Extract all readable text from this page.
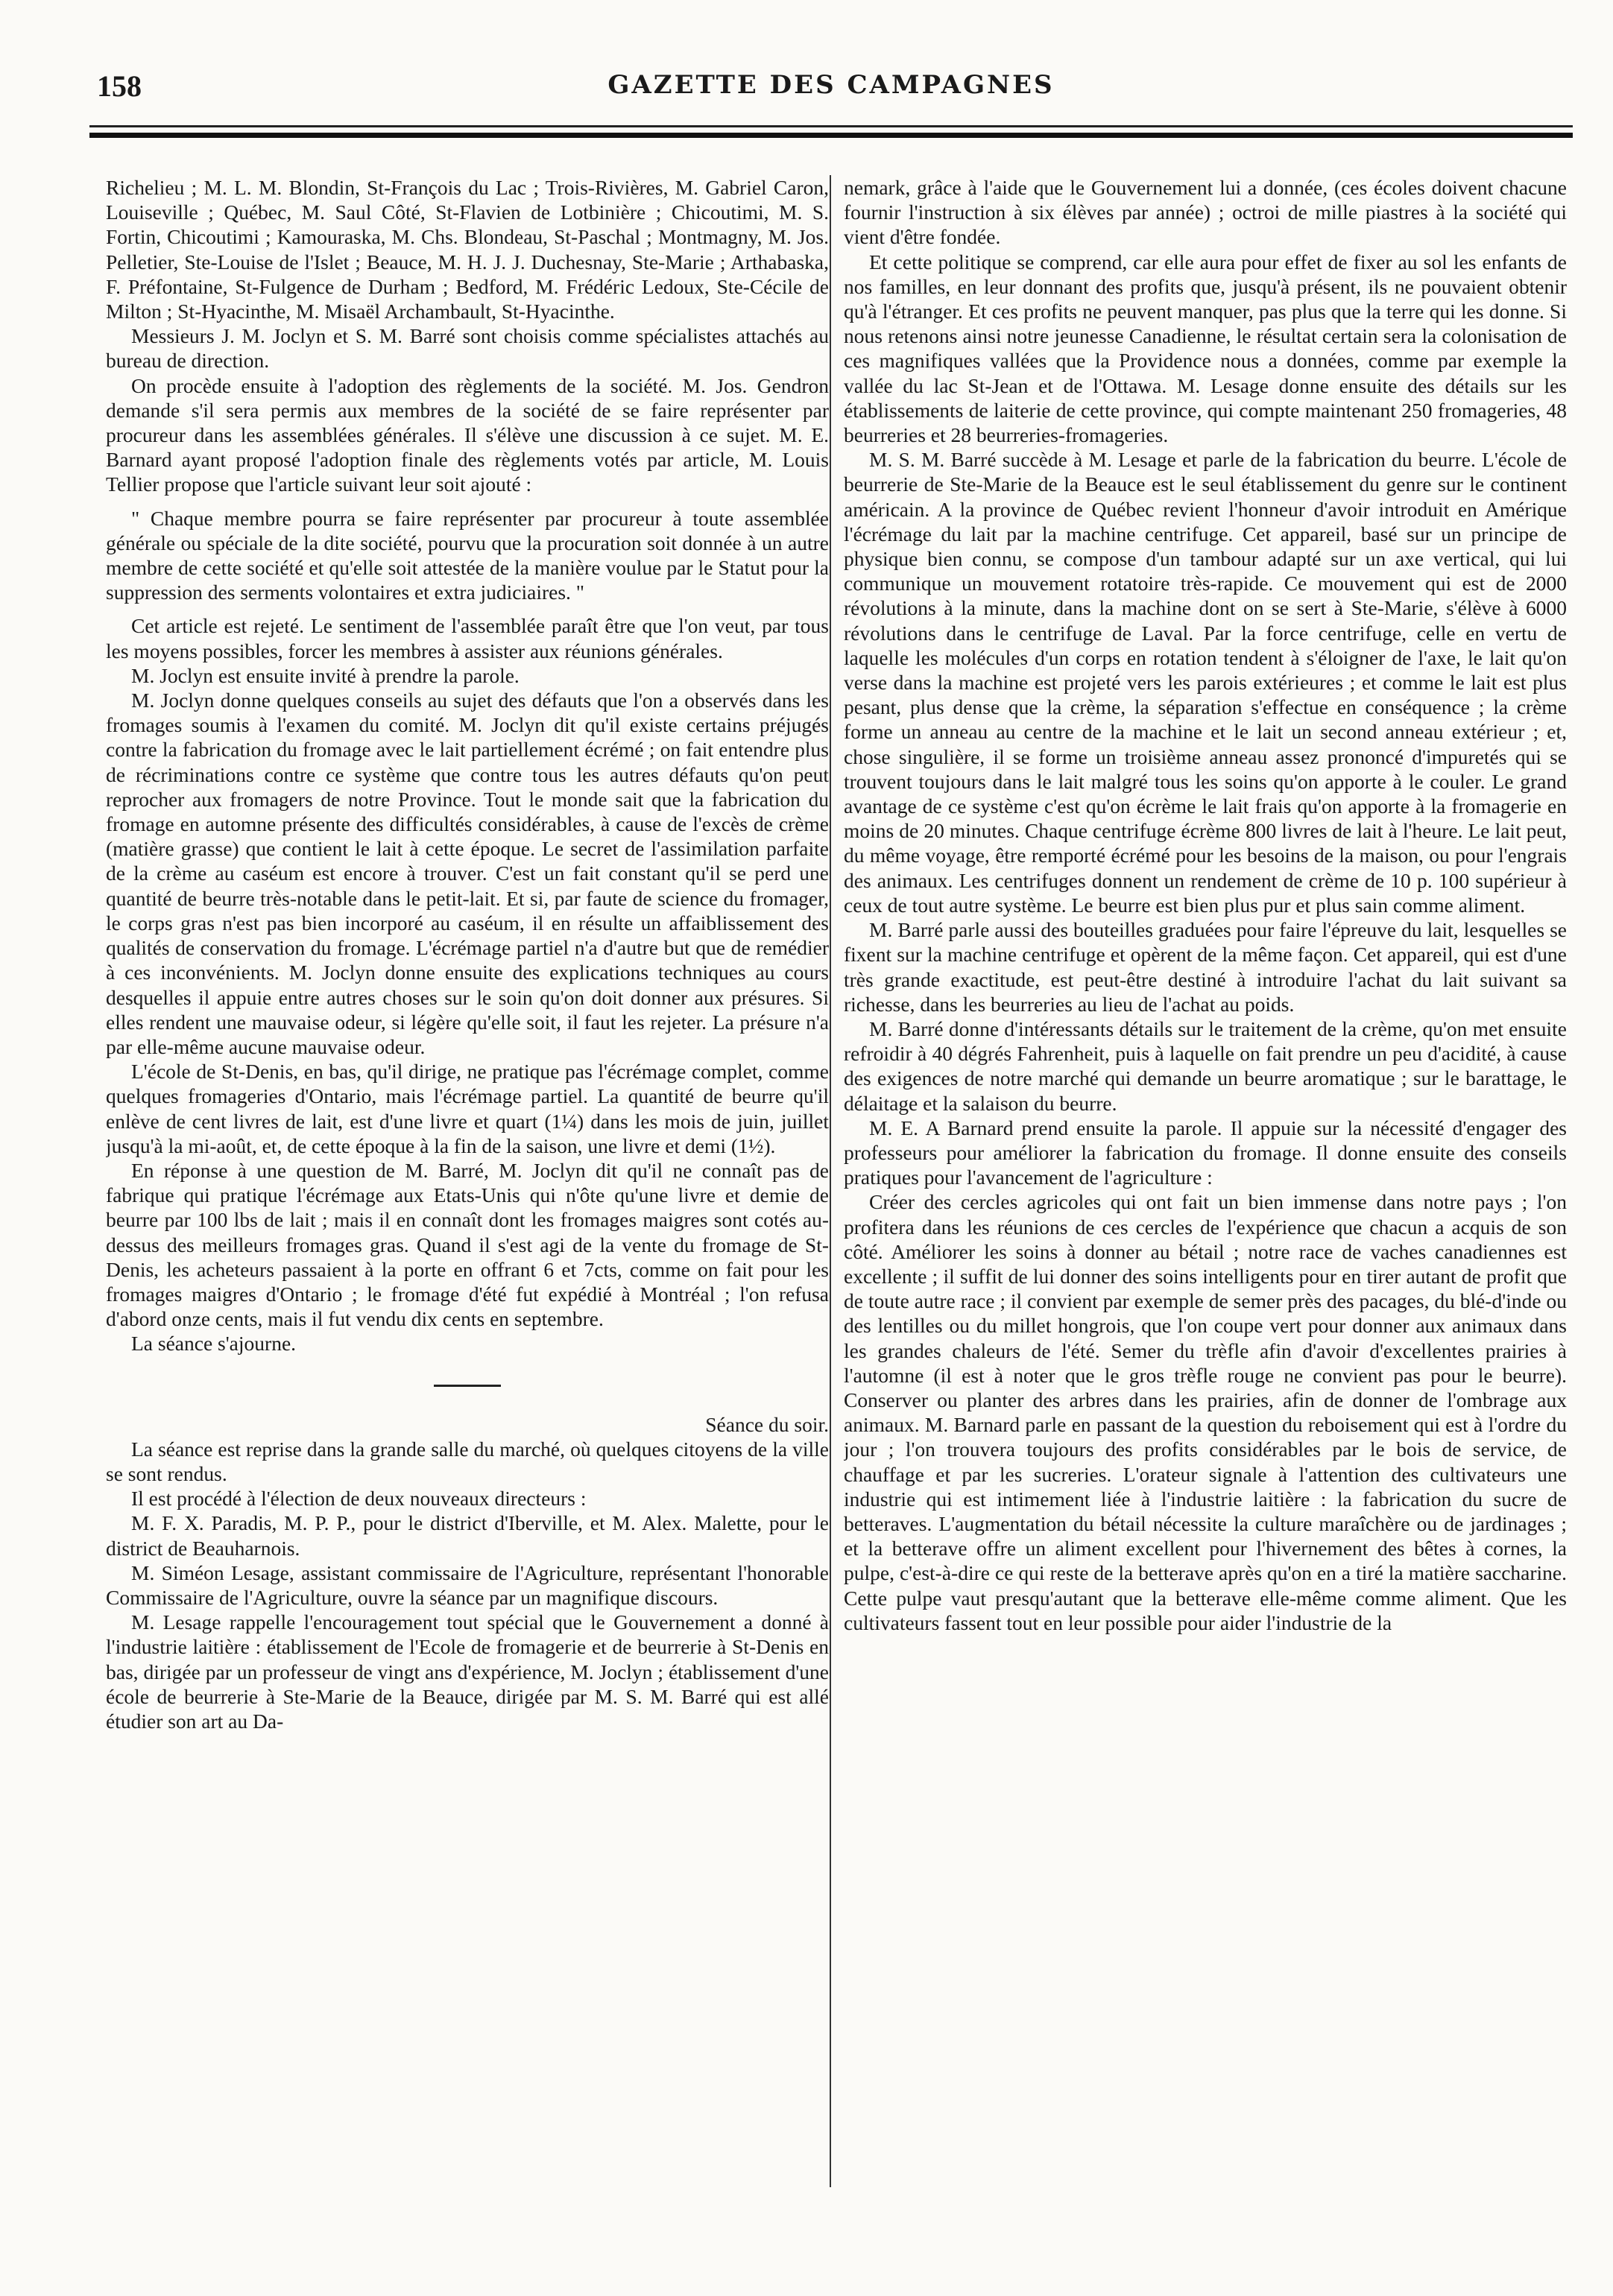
158	GAZETTE DES CAMPAGNES

Richelieu ; M. L. M. Blondin, St-François du Lac ; Trois-Rivières, M. Gabriel Caron, Louiseville ; Québec, M. Saul Côté, St-Flavien de Lotbinière ; Chicoutimi, M. S. Fortin, Chicoutimi ; Kamouraska, M. Chs. Blondeau, St-Paschal ; Montmagny, M. Jos. Pelletier, Ste-Louise de l'Islet ; Beauce, M. H. J. J. Duchesnay, Ste-Marie ; Arthabaska, F. Préfontaine, St-Fulgence de Durham ; Bedford, M. Frédéric Ledoux, Ste-Cécile de Milton ; St-Hyacinthe, M. Misaël Archambault, St-Hyacinthe.

Messieurs J. M. Joclyn et S. M. Barré sont choisis comme spécialistes attachés au bureau de direction.

On procède ensuite à l'adoption des règlements de la société. M. Jos. Gendron demande s'il sera permis aux membres de la société de se faire représenter par procureur dans les assemblées générales. Il s'élève une discussion à ce sujet. M. E. Barnard ayant proposé l'adoption finale des règlements votés par article, M. Louis Tellier propose que l'article suivant leur soit ajouté :

" Chaque membre pourra se faire représenter par procureur à toute assemblée générale ou spéciale de la dite société, pourvu que la procuration soit donnée à un autre membre de cette société et qu'elle soit attestée de la manière voulue par le Statut pour la suppression des serments volontaires et extra judiciaires. "

Cet article est rejeté. Le sentiment de l'assemblée paraît être que l'on veut, par tous les moyens possibles, forcer les membres à assister aux réunions générales.

M. Joclyn est ensuite invité à prendre la parole.

M. Joclyn donne quelques conseils au sujet des défauts que l'on a observés dans les fromages soumis à l'examen du comité. M. Joclyn dit qu'il existe certains préjugés contre la fabrication du fromage avec le lait partiellement écrémé ; on fait entendre plus de récriminations contre ce système que contre tous les autres défauts qu'on peut reprocher aux fromagers de notre Province. Tout le monde sait que la fabrication du fromage en automne présente des difficultés considérables, à cause de l'excès de crème (matière grasse) que contient le lait à cette époque. Le secret de l'assimilation parfaite de la crème au caséum est encore à trouver. C'est un fait constant qu'il se perd une quantité de beurre très-notable dans le petit-lait. Et si, par faute de science du fromager, le corps gras n'est pas bien incorporé au caséum, il en résulte un affaiblissement des qualités de conservation du fromage. L'écrémage partiel n'a d'autre but que de remédier à ces inconvénients. M. Joclyn donne ensuite des explications techniques au cours desquelles il appuie entre autres choses sur le soin qu'on doit donner aux présures. Si elles rendent une mauvaise odeur, si légère qu'elle soit, il faut les rejeter. La présure n'a par elle-même aucune mauvaise odeur.

L'école de St-Denis, en bas, qu'il dirige, ne pratique pas l'écrémage complet, comme quelques fromageries d'Ontario, mais l'écrémage partiel. La quantité de beurre qu'il enlève de cent livres de lait, est d'une livre et quart (1¼) dans les mois de juin, juillet jusqu'à la mi-août, et, de cette époque à la fin de la saison, une livre et demi (1½).

En réponse à une question de M. Barré, M. Joclyn dit qu'il ne connaît pas de fabrique qui pratique l'écrémage aux Etats-Unis qui n'ôte qu'une livre et demie de beurre par 100 lbs de lait ; mais il en connaît dont les fromages maigres sont cotés au-dessus des meilleurs fromages gras. Quand il s'est agi de la vente du fromage de St-Denis, les acheteurs passaient à la porte en offrant 6 et 7cts, comme on fait pour les fromages maigres d'Ontario ; le fromage d'été fut expédié à Montréal ; l'on refusa d'abord onze cents, mais il fut vendu dix cents en septembre.

La séance s'ajourne.

Séance du soir.

La séance est reprise dans la grande salle du marché, où quelques citoyens de la ville se sont rendus.

Il est procédé à l'élection de deux nouveaux directeurs :

M. F. X. Paradis, M. P. P., pour le district d'Iberville, et M. Alex. Malette, pour le district de Beauharnois.

M. Siméon Lesage, assistant commissaire de l'Agriculture, représentant l'honorable Commissaire de l'Agriculture, ouvre la séance par un magnifique discours.

M. Lesage rappelle l'encouragement tout spécial que le Gouvernement a donné à l'industrie laitière : établissement de l'Ecole de fromagerie et de beurrerie à St-Denis en bas, dirigée par un professeur de vingt ans d'expérience, M. Joclyn ; établissement d'une école de beurrerie à Ste-Marie de la Beauce, dirigée par M. S. M. Barré qui est allé étudier son art au Da-

nemark, grâce à l'aide que le Gouvernement lui a donnée, (ces écoles doivent chacune fournir l'instruction à six élèves par année) ; octroi de mille piastres à la société qui vient d'être fondée.

Et cette politique se comprend, car elle aura pour effet de fixer au sol les enfants de nos familles, en leur donnant des profits que, jusqu'à présent, ils ne pouvaient obtenir qu'à l'étranger. Et ces profits ne peuvent manquer, pas plus que la terre qui les donne. Si nous retenons ainsi notre jeunesse Canadienne, le résultat certain sera la colonisation de ces magnifiques vallées que la Providence nous a données, comme par exemple la vallée du lac St-Jean et de l'Ottawa. M. Lesage donne ensuite des détails sur les établissements de laiterie de cette province, qui compte maintenant 250 fromageries, 48 beurreries et 28 beurreries-fromageries.

M. S. M. Barré succède à M. Lesage et parle de la fabrication du beurre. L'école de beurrerie de Ste-Marie de la Beauce est le seul établissement du genre sur le continent américain. A la province de Québec revient l'honneur d'avoir introduit en Amérique l'écrémage du lait par la machine centrifuge. Cet appareil, basé sur un principe de physique bien connu, se compose d'un tambour adapté sur un axe vertical, qui lui communique un mouvement rotatoire très-rapide. Ce mouvement qui est de 2000 révolutions à la minute, dans la machine dont on se sert à Ste-Marie, s'élève à 6000 révolutions dans le centrifuge de Laval. Par la force centrifuge, celle en vertu de laquelle les molécules d'un corps en rotation tendent à s'éloigner de l'axe, le lait qu'on verse dans la machine est projeté vers les parois extérieures ; et comme le lait est plus pesant, plus dense que la crème, la séparation s'effectue en conséquence ; la crème forme un anneau au centre de la machine et le lait un second anneau extérieur ; et, chose singulière, il se forme un troisième anneau assez prononcé d'impuretés qui se trouvent toujours dans le lait malgré tous les soins qu'on apporte à le couler. Le grand avantage de ce système c'est qu'on écrème le lait frais qu'on apporte à la fromagerie en moins de 20 minutes. Chaque centrifuge écrème 800 livres de lait à l'heure. Le lait peut, du même voyage, être remporté écrémé pour les besoins de la maison, ou pour l'engrais des animaux. Les centrifuges donnent un rendement de crème de 10 p. 100 supérieur à ceux de tout autre système. Le beurre est bien plus pur et plus sain comme aliment.

M. Barré parle aussi des bouteilles graduées pour faire l'épreuve du lait, lesquelles se fixent sur la machine centrifuge et opèrent de la même façon. Cet appareil, qui est d'une très grande exactitude, est peut-être destiné à introduire l'achat du lait suivant sa richesse, dans les beurreries au lieu de l'achat au poids.

M. Barré donne d'intéressants détails sur le traitement de la crème, qu'on met ensuite refroidir à 40 dégrés Fahrenheit, puis à laquelle on fait prendre un peu d'acidité, à cause des exigences de notre marché qui demande un beurre aromatique ; sur le barattage, le délaitage et la salaison du beurre.

M. E. A Barnard prend ensuite la parole. Il appuie sur la nécessité d'engager des professeurs pour améliorer la fabrication du fromage. Il donne ensuite des conseils pratiques pour l'avancement de l'agriculture :

Créer des cercles agricoles qui ont fait un bien immense dans notre pays ; l'on profitera dans les réunions de ces cercles de l'expérience que chacun a acquis de son côté. Améliorer les soins à donner au bétail ; notre race de vaches canadiennes est excellente ; il suffit de lui donner des soins intelligents pour en tirer autant de profit que de toute autre race ; il convient par exemple de semer près des pacages, du blé-d'inde ou des lentilles ou du millet hongrois, que l'on coupe vert pour donner aux animaux dans les grandes chaleurs de l'été. Semer du trèfle afin d'avoir d'excellentes prairies à l'automne (il est à noter que le gros trèfle rouge ne convient pas pour le beurre). Conserver ou planter des arbres dans les prairies, afin de donner de l'ombrage aux animaux. M. Barnard parle en passant de la question du reboisement qui est à l'ordre du jour ; l'on trouvera toujours des profits considérables par le bois de service, de chauffage et par les sucreries. L'orateur signale à l'attention des cultivateurs une industrie qui est intimement liée à l'industrie laitière : la fabrication du sucre de betteraves. L'augmentation du bétail nécessite la culture maraîchère ou de jardinages ; et la betterave offre un aliment excellent pour l'hivernement des bêtes à cornes, la pulpe, c'est-à-dire ce qui reste de la betterave après qu'on en a tiré la matière saccharine. Cette pulpe vaut presqu'autant que la betterave elle-même comme aliment. Que les cultivateurs fassent tout en leur possible pour aider l'industrie de la
